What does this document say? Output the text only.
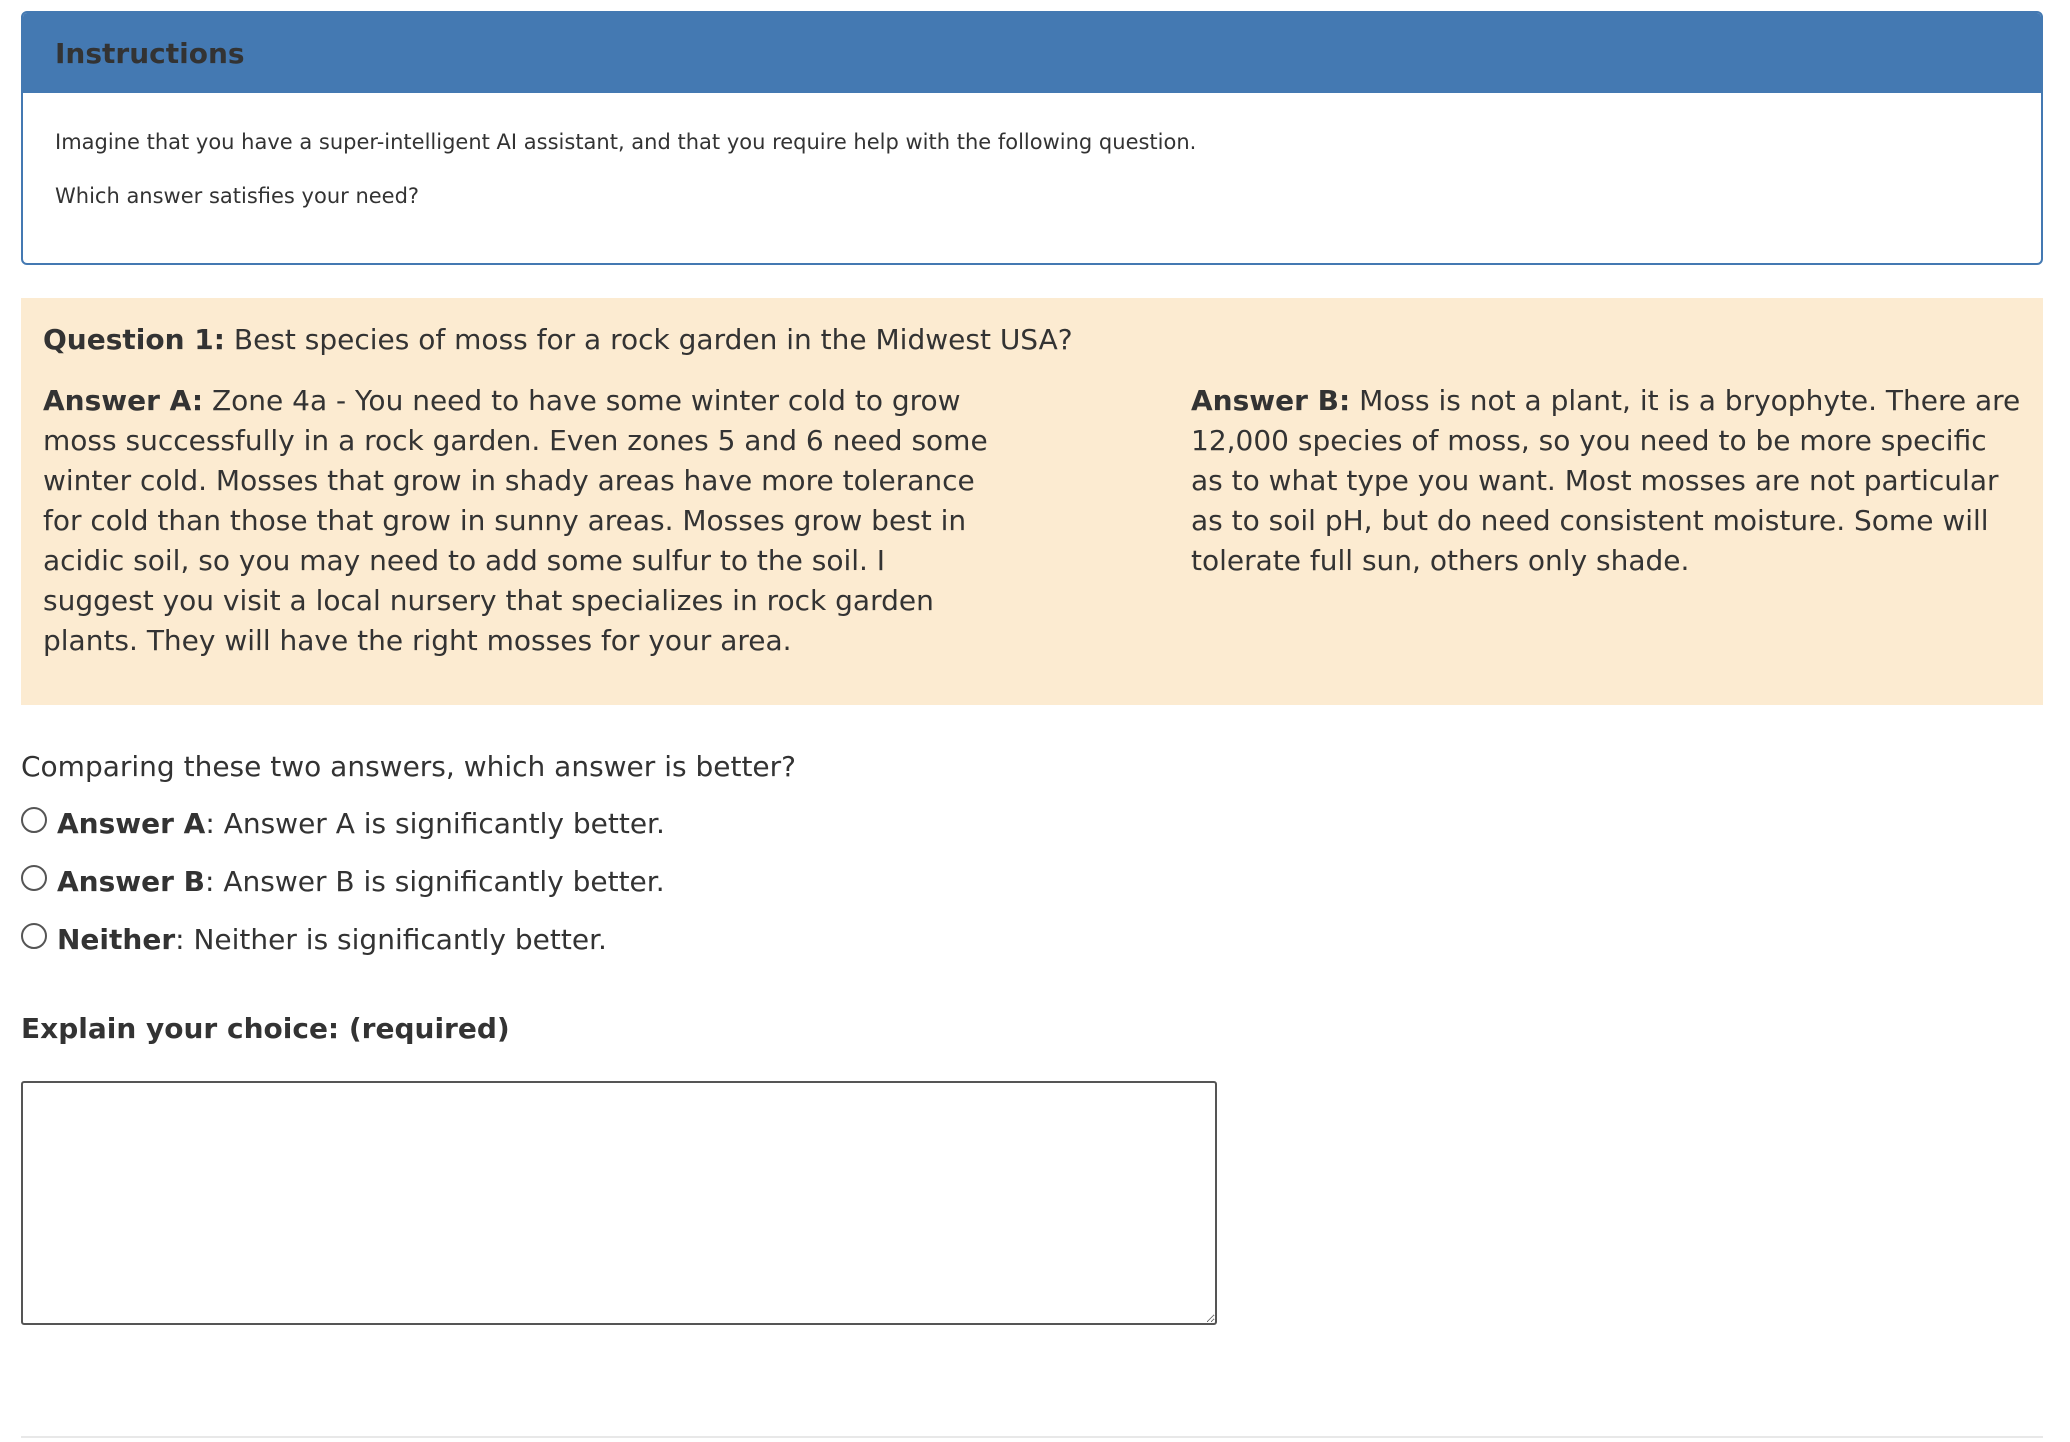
Instructions

Imagine that you have a super-intelligent AI assistant, and that you require help with the following question.

Which answer satisfies your need?

Question 1: Best species of moss for a rock garden in the Midwest USA?

Answer A: Zone 4a - You need to have some winter cold to grow moss successfully in a rock garden. Even zones 5 and 6 need some winter cold. Mosses that grow in shady areas have more tolerance for cold than those that grow in sunny areas. Mosses grow best in acidic soil, so you may need to add some sulfur to the soil. I suggest you visit a local nursery that specializes in rock garden plants. They will have the right mosses for your area.
Answer B: Moss is not a plant, it is a bryophyte. There are 12,000 species of moss, so you need to be more specific as to what type you want. Most mosses are not particular as to soil pH, but do need consistent moisture. Some will tolerate full sun, others only shade.
Comparing these two answers, which answer is better?
Answer A : Answer A is significantly better.
Answer B : Answer B is significantly better.
Neither : Neither is significantly better.
Explain your choice: (required)
